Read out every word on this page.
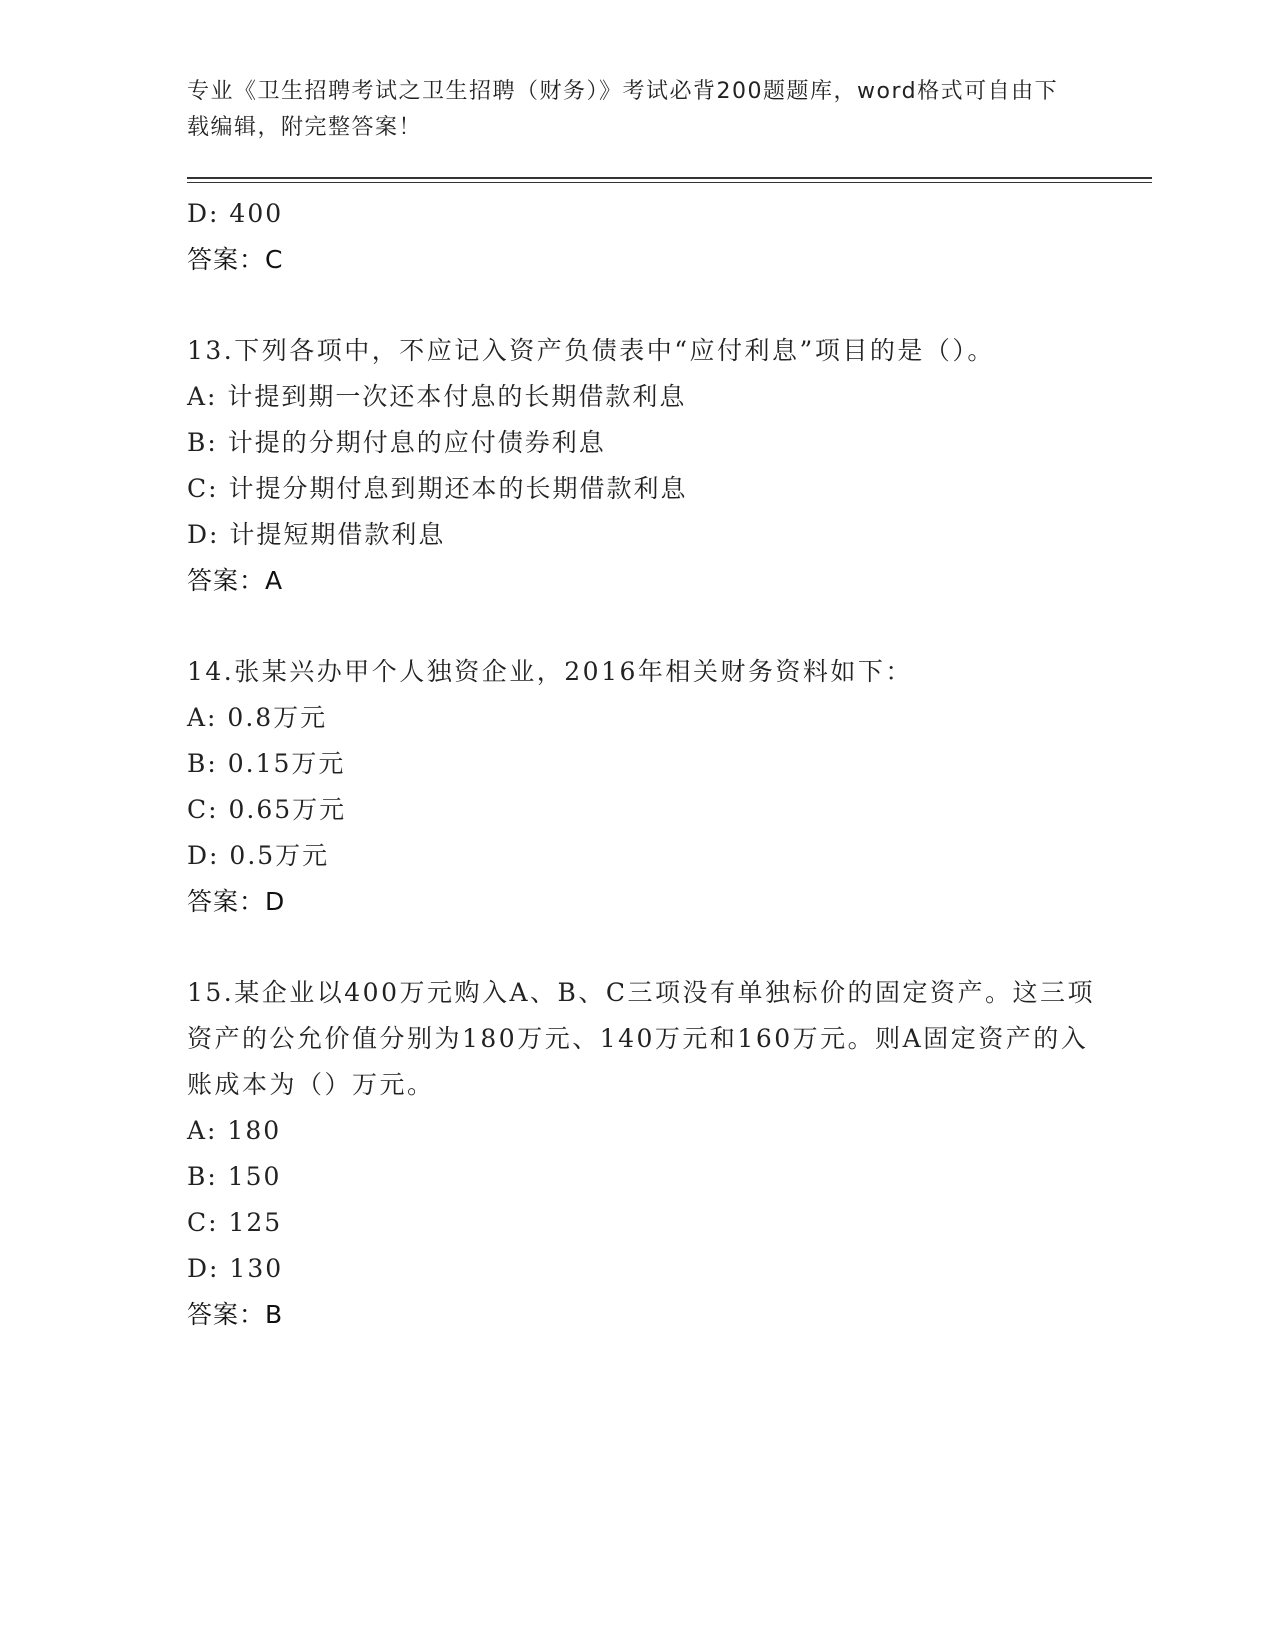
专业《卫生招聘考试之卫生招聘（财务）》考试必背200题题库，word格式可自由下载编辑，附完整答案！
D: 400
答案：C
13.下列各项中，不应记入资产负债表中“应付利息”项目的是（）。
A: 计提到期一次还本付息的长期借款利息
B: 计提的分期付息的应付债券利息
C: 计提分期付息到期还本的长期借款利息
D: 计提短期借款利息
答案：A
14.张某兴办甲个人独资企业，2016年相关财务资料如下：
A: 0.8万元
B: 0.15万元
C: 0.65万元
D: 0.5万元
答案：D
15.某企业以400万元购入A、B、C三项没有单独标价的固定资产。这三项资产的公允价值分别为180万元、140万元和160万元。则A固定资产的入账成本为（）万元。
A: 180
B: 150
C: 125
D: 130
答案：B
